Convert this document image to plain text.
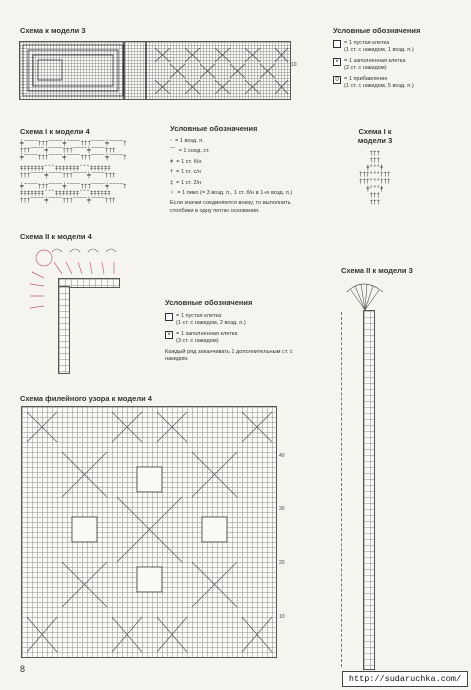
Схема к модели 3
10
Условные обозначения
= 1 пустая клетка
(1 ст. с накидом, 1 возд. п.)
× = 1 заполненная клетка
(2 ст. с накидом)
0 = 1 прибавление
(1 ст. с накидом, 5 возд. п.)
Схема I к модели 4
╪‾‾‾‾†††‾‾‾‾╪‾‾‾‾†††‾‾‾‾╪‾‾‾‾†
†††‾‾‾‾╪‾‾‾‾†††‾‾‾‾╪‾‾‾‾†††
╪‾‾‾‾†††‾‾‾‾╪‾‾‾‾†††‾‾‾‾╪‾‾‾‾†
‡‡‡‡‡‡‡ˇˇˇ‡‡‡‡‡‡‡ˇˇˇ‡‡‡‡‡‡
†††‾‾‾‾╪‾‾‾‾†††‾‾‾‾╪‾‾‾‾†††
╪‾‾‾‾†††‾‾‾‾╪‾‾‾‾†††‾‾‾‾╪‾‾‾‾†
‡‡‡‡‡‡‡ˇˇˇ‡‡‡‡‡‡‡ˇˇˇ‡‡‡‡‡‡
†††‾‾‾‾╪‾‾‾‾†††‾‾‾‾╪‾‾‾‾†††
Условные обозначения
◦ = 1 возд. п.
⌒ = 1 соед. ст.
ǂ = 1 ст. б/н
† = 1 ст. с/н
‡ = 1 ст. 2/н
♀ = 1 пико (= 3 возд. п., 1 ст. б/н в 1-ю возд. п.)
Если значки соединяются внизу, то выполнить столбики в одну петлю основания.
Схема I к модели 3
†††
†††
ǂ°°°ǂ
†††°°°†††
†††°°°†††
ǂ°°°ǂ
†††
†††
Схема II к модели 4
Условные обозначения
= 1 пустая клетка
(1 ст. с накидом, 2 возд. п.)
× = 1 заполненная клетка
(3 ст. с накидом)
Каждый ряд заканчивать 1 дополнительным ст. с накидом.
Схема II к модели 3
Схема филейного узора к модели 4
40
30
20
10
8
http://sudaruchka.com/
